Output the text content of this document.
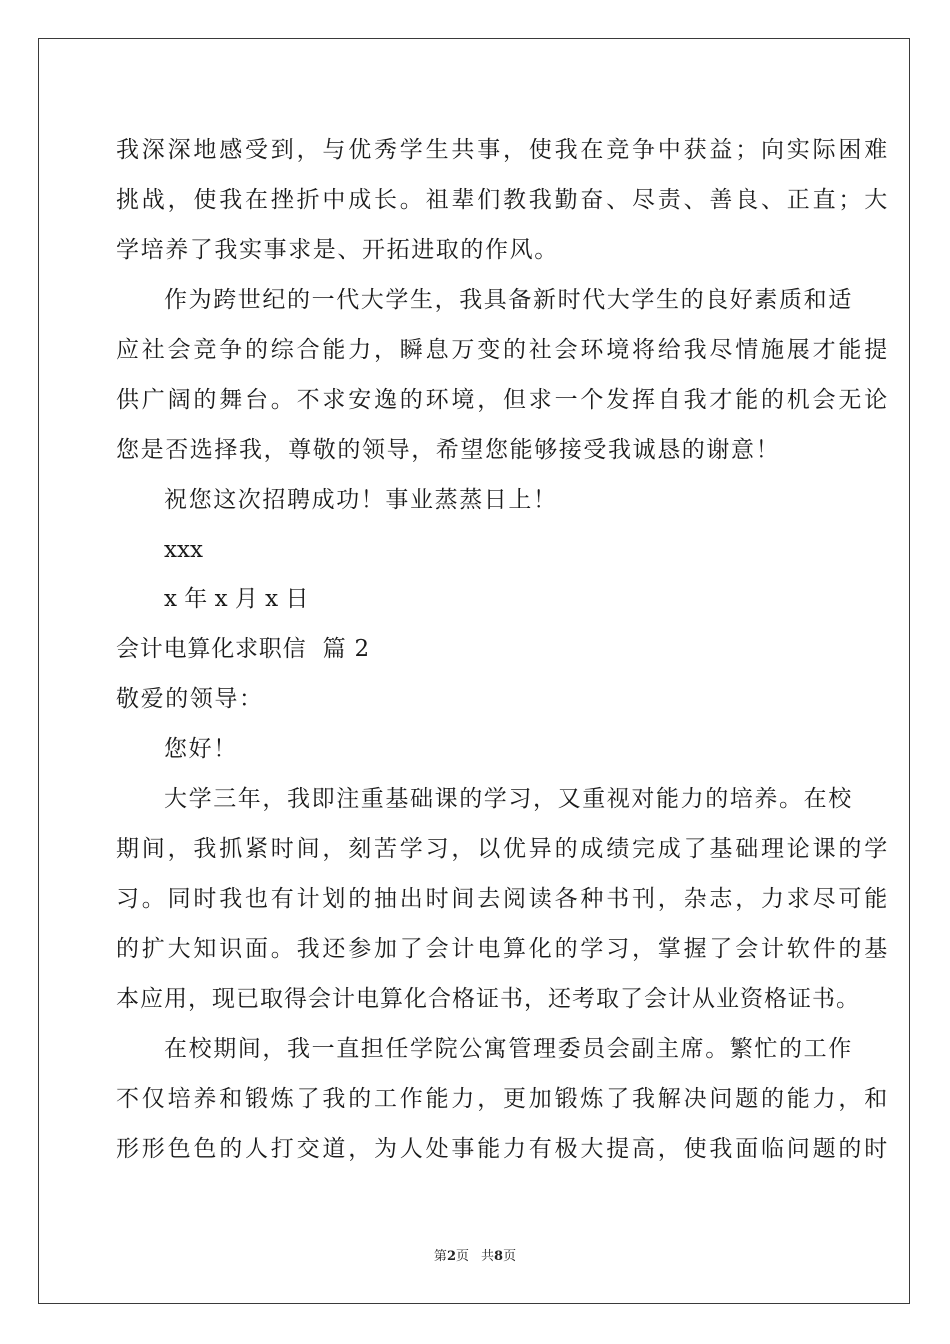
我深深地感受到，与优秀学生共事，使我在竞争中获益；向实际困难
挑战，使我在挫折中成长。祖辈们教我勤奋、尽责、善良、正直；大
学培养了我实事求是、开拓进取的作风。
作为跨世纪的一代大学生，我具备新时代大学生的良好素质和适
应社会竞争的综合能力，瞬息万变的社会环境将给我尽情施展才能提
供广阔的舞台。不求安逸的环境，但求一个发挥自我才能的机会无论
您是否选择我，尊敬的领导，希望您能够接受我诚恳的谢意！
祝您这次招聘成功！事业蒸蒸日上！
xxx
x 年 x 月 x 日
会计电算化求职信  篇 2
敬爱的领导：
您好！
大学三年，我即注重基础课的学习，又重视对能力的培养。在校
期间，我抓紧时间，刻苦学习，以优异的成绩完成了基础理论课的学
习。同时我也有计划的抽出时间去阅读各种书刊，杂志，力求尽可能
的扩大知识面。我还参加了会计电算化的学习，掌握了会计软件的基
本应用，现已取得会计电算化合格证书，还考取了会计从业资格证书。
在校期间，我一直担任学院公寓管理委员会副主席。繁忙的工作
不仅培养和锻炼了我的工作能力，更加锻炼了我解决问题的能力，和
形形色色的人打交道，为人处事能力有极大提高，使我面临问题的时
第2页 共8页
